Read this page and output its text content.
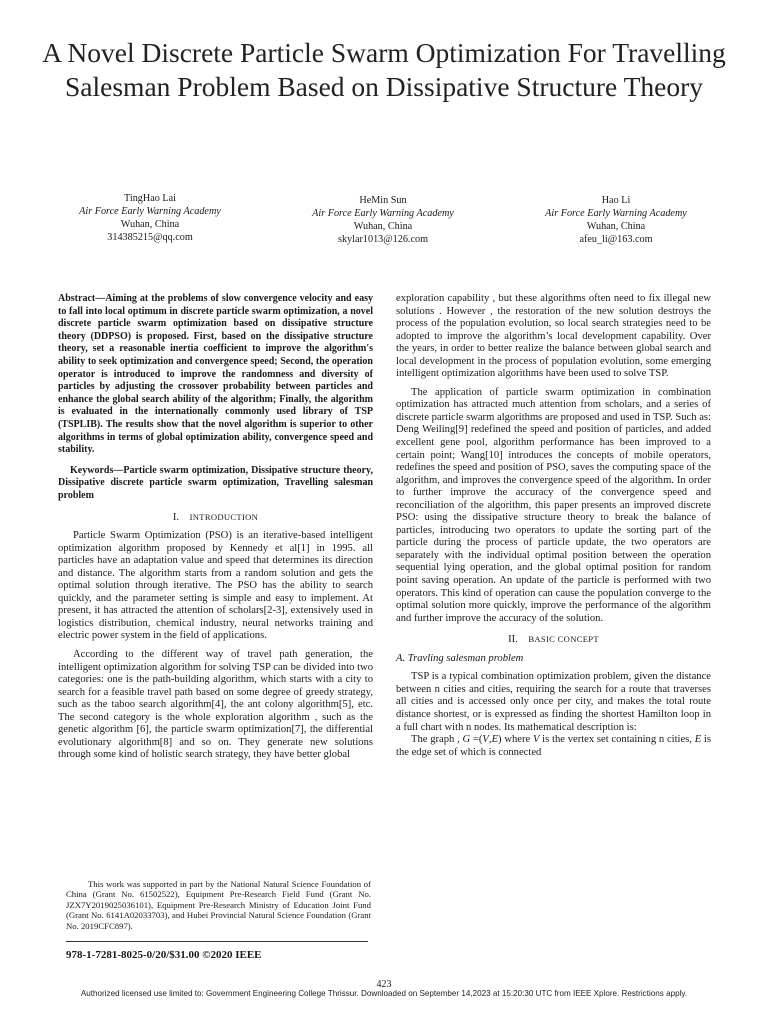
A Novel Discrete Particle Swarm Optimization For Travelling Salesman Problem Based on Dissipative Structure Theory
TingHao Lai
Air Force Early Warning Academy
Wuhan, China
314385215@qq.com
HeMin Sun
Air Force Early Warning Academy
Wuhan, China
skylar1013@126.com
Hao Li
Air Force Early Warning Academy
Wuhan, China
afeu_li@163.com

Abstract—Aiming at the problems of slow convergence velocity and easy to fall into local optimum in discrete particle swarm optimization, a novel discrete particle swarm optimization based on dissipative structure theory (DDPSO) is proposed. First, based on the dissipative structure theory, set a reasonable inertia coefficient to improve the algorithm's ability to seek optimization and convergence speed; Second, the operation operator is introduced to improve the randomness and diversity of particles by adjusting the crossover probability between particles and enhance the global search ability of the algorithm; Finally, the algorithm is evaluated in the internationally commonly used library of TSP (TSPLIB). The results show that the novel algorithm is superior to other algorithms in terms of global optimization ability, convergence speed and stability.

Keywords—Particle swarm optimization, Dissipative structure theory, Dissipative discrete particle swarm optimization, Travelling salesman problem

I. INTRODUCTION

Particle Swarm Optimization (PSO) is an iterative-based intelligent optimization algorithm proposed by Kennedy et al[1] in 1995. all particles have an adaptation value and speed that determines its direction and distance. The algorithm starts from a random solution and gets the optimal solution through iterative. The PSO has the ability to search quickly, and the parameter setting is simple and easy to implement. At present, it has attracted the attention of scholars[2-3], extensively used in logistics distribution, chemical industry, neural networks training and electric power system in the field of applications.

According to the different way of travel path generation, the intelligent optimization algorithm for solving TSP can be divided into two categories: one is the path-building algorithm, which starts with a city to search for a feasible travel path based on some degree of greedy strategy, such as the taboo search algorithm[4], the ant colony algorithm[5], etc. The second category is the whole exploration algorithm , such as the genetic algorithm [6], the particle swarm optimization[7], the differential evolutionary algorithm[8] and so on. They generate new solutions through some kind of holistic search strategy, they have better global

exploration capability , but these algorithms often need to fix illegal new solutions . However , the restoration of the new solution destroys the process of the population evolution, so local search strategies need to be adopted to improve the algorithm’s local development capability. Over the years, in order to better realize the balance between global search and local development in the process of population evolution, some emerging intelligent optimization algorithms have been used to solve TSP.

The application of particle swarm optimization in combination optimization has attracted much attention from scholars, and a series of discrete particle swarm algorithms are proposed and used in TSP. Such as: Deng Weiling[9] redefined the speed and position of particles, and added excellent gene pool, algorithm performance has been improved to a certain point; Wang[10] introduces the concepts of mobile operators, redefines the speed and position of PSO, saves the computing space of the algorithm, and improves the convergence speed of the algorithm. In order to further improve the accuracy of the convergence speed and reconciliation of the algorithm, this paper presents an improved discrete PSO: using the dissipative structure theory to break the balance of particles, introducing two operators to update the sorting part of the particle during the process of particle update, the two operators are separately with the individual optimal position between the operation sequential lying operation, and the global optimal position for random point saving operation. An update of the particle is performed with two operators. This kind of operation can cause the population converge to the optimal solution more quickly, improve the performance of the algorithm and further improve the accuracy of the solution.

II. BASIC CONCEPT
A. Travling salesman problem

TSP is a typical combination optimization problem, given the distance between n cities and cities, requiring the search for a route that traverses all cities and is accessed only once per city, and makes the total route distance shortest, or is expressed as finding the shortest Hamilton loop in a full chart with n nodes. Its mathematical description is:

The graph , G =(V,E) where V is the vertex set containing n cities, E is the edge set of which is connected

This work was supported in part by the National Natural Science Foundation of China (Grant No. 61502522), Equipment Pre-Research Field Fund (Grant No. JZX7Y2019025036101), Equipment Pre-Research Ministry of Education Joint Fund (Grant No. 6141A02033703), and Hubei Provincial Natural Science Foundation (Grant No. 2019CFC897).
978-1-7281-8025-0/20/$31.00 ©2020 IEEE
423
Authorized licensed use limited to: Government Engineering College Thrissur. Downloaded on September 14,2023 at 15:20:30 UTC from IEEE Xplore. Restrictions apply.
